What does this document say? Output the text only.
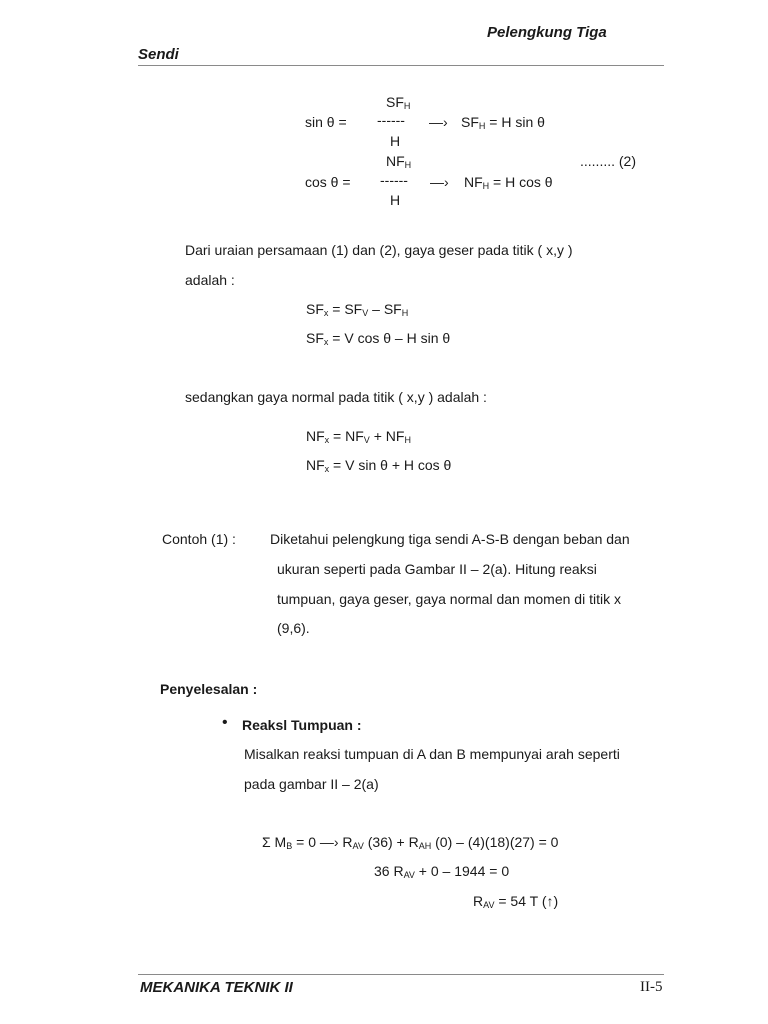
Pelengkung Tiga
Sendi
$SF_H$
sin θ = ------ —› $SF_H = H$ sin θ
H
$NF_H$	......... (2)
cos θ = ------ —› $NF_H = H$ cos θ
H
Dari uraian persamaan (1) dan (2), gaya geser pada titik ( x,y )
adalah :
$SF_x = SF_V - SF_H$
$SF_x = V$ cos θ – H sin θ
sedangkan gaya normal pada titik ( x,y ) adalah :
$NF_x = NF_V + NF_H$
$NF_x = V$ sin θ + H cos θ
Contoh (1) : Diketahui pelengkung tiga sendi A-S-B dengan beban dan
ukuran seperti pada Gambar II – 2(a). Hitung reaksi
tumpuan, gaya geser, gaya normal dan momen di titik x
(9,6).
Penyelesalan :
• Reaksl Tumpuan :
Misalkan reaksi tumpuan di A dan B mempunyai arah seperti
pada gambar II – 2(a)
Σ $M_B = 0$ —› $R_{AV}$ $(36) + R_{AH}$ (0) – (4)(18)(27) = 0
36 $R_{AV} + 0 - 1944 = 0$
$R_{AV} = 54$ T (↑)
MEKANIKA TEKNIK II	II-5
